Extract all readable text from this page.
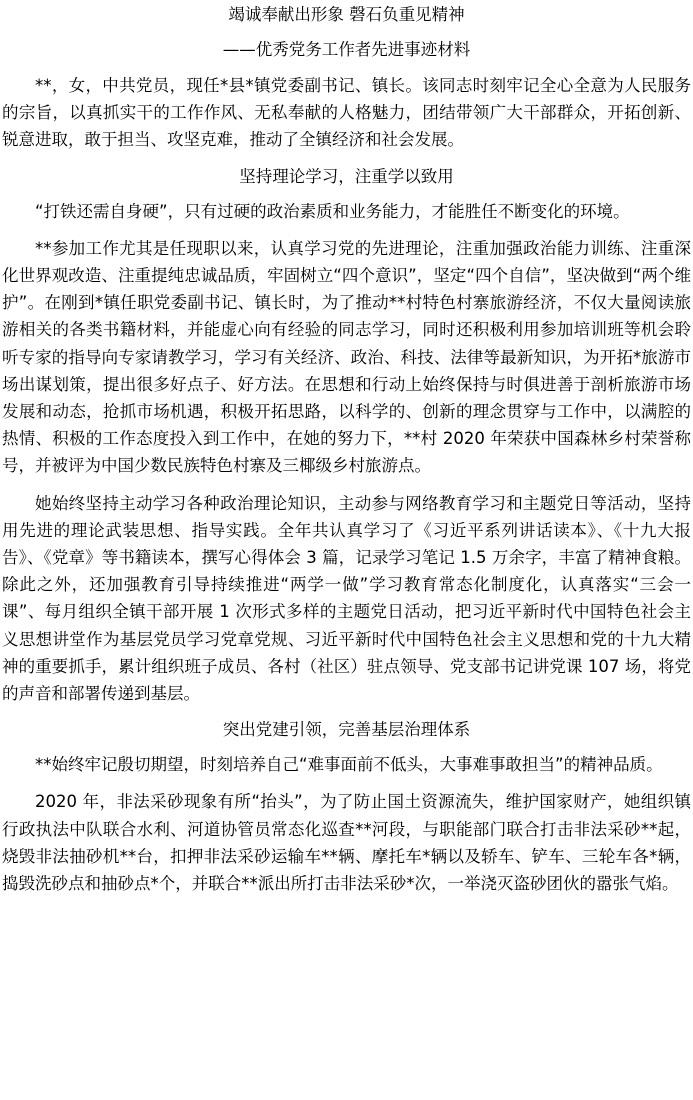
竭诚奉献出形象 磬石负重见精神
——优秀党务工作者先进事迹材料

**，女，中共党员，现任*县*镇党委副书记、镇长。该同志时刻牢记全心全意为人民服务的宗旨，以真抓实干的工作作风、无私奉献的人格魅力，团结带领广大干部群众，开拓创新、锐意进取，敢于担当、攻坚克难，推动了全镇经济和社会发展。

坚持理论学习，注重学以致用

“打铁还需自身硬”，只有过硬的政治素质和业务能力，才能胜任不断变化的环境。

**参加工作尤其是任现职以来，认真学习党的先进理论，注重加强政治能力训练、注重深化世界观改造、注重提纯忠诚品质，牢固树立“四个意识”，坚定“四个自信”，坚决做到“两个维护”。在刚到*镇任职党委副书记、镇长时，为了推动**村特色村寨旅游经济，不仅大量阅读旅游相关的各类书籍材料，并能虚心向有经验的同志学习，同时还积极利用参加培训班等机会聆听专家的指导向专家请教学习，学习有关经济、政治、科技、法律等最新知识，为开拓*旅游市场出谋划策，提出很多好点子、好方法。在思想和行动上始终保持与时俱进善于剖析旅游市场发展和动态，抢抓市场机遇，积极开拓思路，以科学的、创新的理念贯穿与工作中，以满腔的热情、积极的工作态度投入到工作中，在她的努力下，**村 2020 年荣获中国森林乡村荣誉称号，并被评为中国少数民族特色村寨及三椰级乡村旅游点。

她始终坚持主动学习各种政治理论知识，主动参与网络教育学习和主题党日等活动，坚持用先进的理论武装思想、指导实践。全年共认真学习了《习近平系列讲话读本》、《十九大报告》、《党章》等书籍读本，撰写心得体会 3 篇，记录学习笔记 1.5 万余字，丰富了精神食粮。除此之外，还加强教育引导持续推进“两学一做”学习教育常态化制度化，认真落实“三会一课”、每月组织全镇干部开展 1 次形式多样的主题党日活动，把习近平新时代中国特色社会主义思想讲堂作为基层党员学习党章党规、习近平新时代中国特色社会主义思想和党的十九大精神的重要抓手，累计组织班子成员、各村（社区）驻点领导、党支部书记讲党课 107 场，将党的声音和部署传递到基层。

突出党建引领，完善基层治理体系

**始终牢记殷切期望，时刻培养自己“难事面前不低头，大事难事敢担当”的精神品质。

2020 年，非法采砂现象有所“抬头”，为了防止国土资源流失，维护国家财产，她组织镇行政执法中队联合水利、河道协管员常态化巡查**河段，与职能部门联合打击非法采砂**起，烧毁非法抽砂机**台，扣押非法采砂运输车**辆、摩托车*辆以及轿车、铲车、三轮车各*辆，捣毁洗砂点和抽砂点*个，并联合**派出所打击非法采砂*次，一举浇灭盗砂团伙的嚣张气焰。
